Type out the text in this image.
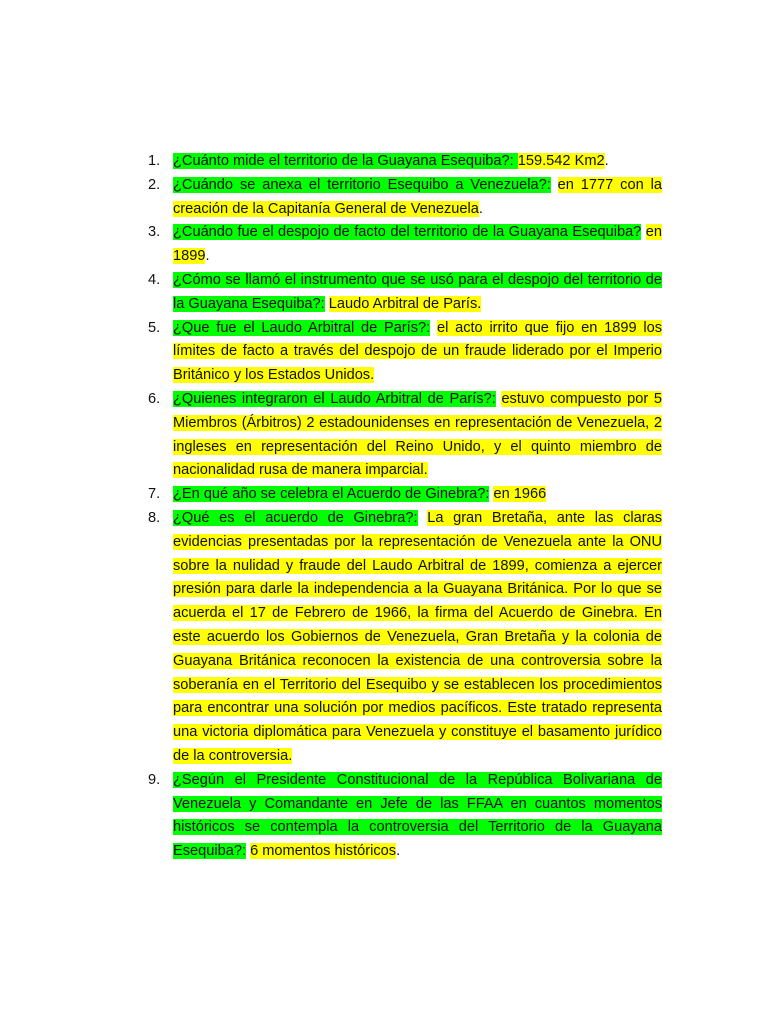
1. ¿Cuánto mide el territorio de la Guayana Esequiba?: 159.542 Km2.
2. ¿Cuándo se anexa el territorio Esequibo a Venezuela?: en 1777 con la creación de la Capitanía General de Venezuela.
3. ¿Cuándo fue el despojo de facto del territorio de la Guayana Esequiba? en 1899.
4. ¿Cómo se llamó el instrumento que se usó para el despojo del territorio de la Guayana Esequiba?: Laudo Arbitral de París.
5. ¿Que fue el Laudo Arbitral de París?: el acto irrito que fijo en 1899 los límites de facto a través del despojo de un fraude liderado por el Imperio Británico y los Estados Unidos.
6. ¿Quienes integraron el Laudo Arbitral de París?: estuvo compuesto por 5 Miembros (Árbitros) 2 estadounidenses en representación de Venezuela, 2 ingleses en representación del Reino Unido, y el quinto miembro de nacionalidad rusa de manera imparcial.
7. ¿En qué año se celebra el Acuerdo de Ginebra?: en 1966
8. ¿Qué es el acuerdo de Ginebra?: La gran Bretaña, ante las claras evidencias presentadas por la representación de Venezuela ante la ONU sobre la nulidad y fraude del Laudo Arbitral de 1899, comienza a ejercer presión para darle la independencia a la Guayana Británica. Por lo que se acuerda el 17 de Febrero de 1966, la firma del Acuerdo de Ginebra. En este acuerdo los Gobiernos de Venezuela, Gran Bretaña y la colonia de Guayana Británica reconocen la existencia de una controversia sobre la soberanía en el Territorio del Esequibo y se establecen los procedimientos para encontrar una solución por medios pacíficos. Este tratado representa una victoria diplomática para Venezuela y constituye el basamento jurídico de la controversia.
9. ¿Según el Presidente Constitucional de la República Bolivariana de Venezuela y Comandante en Jefe de las FFAA en cuantos momentos históricos se contempla la controversia del Territorio de la Guayana Esequiba?: 6 momentos históricos.
